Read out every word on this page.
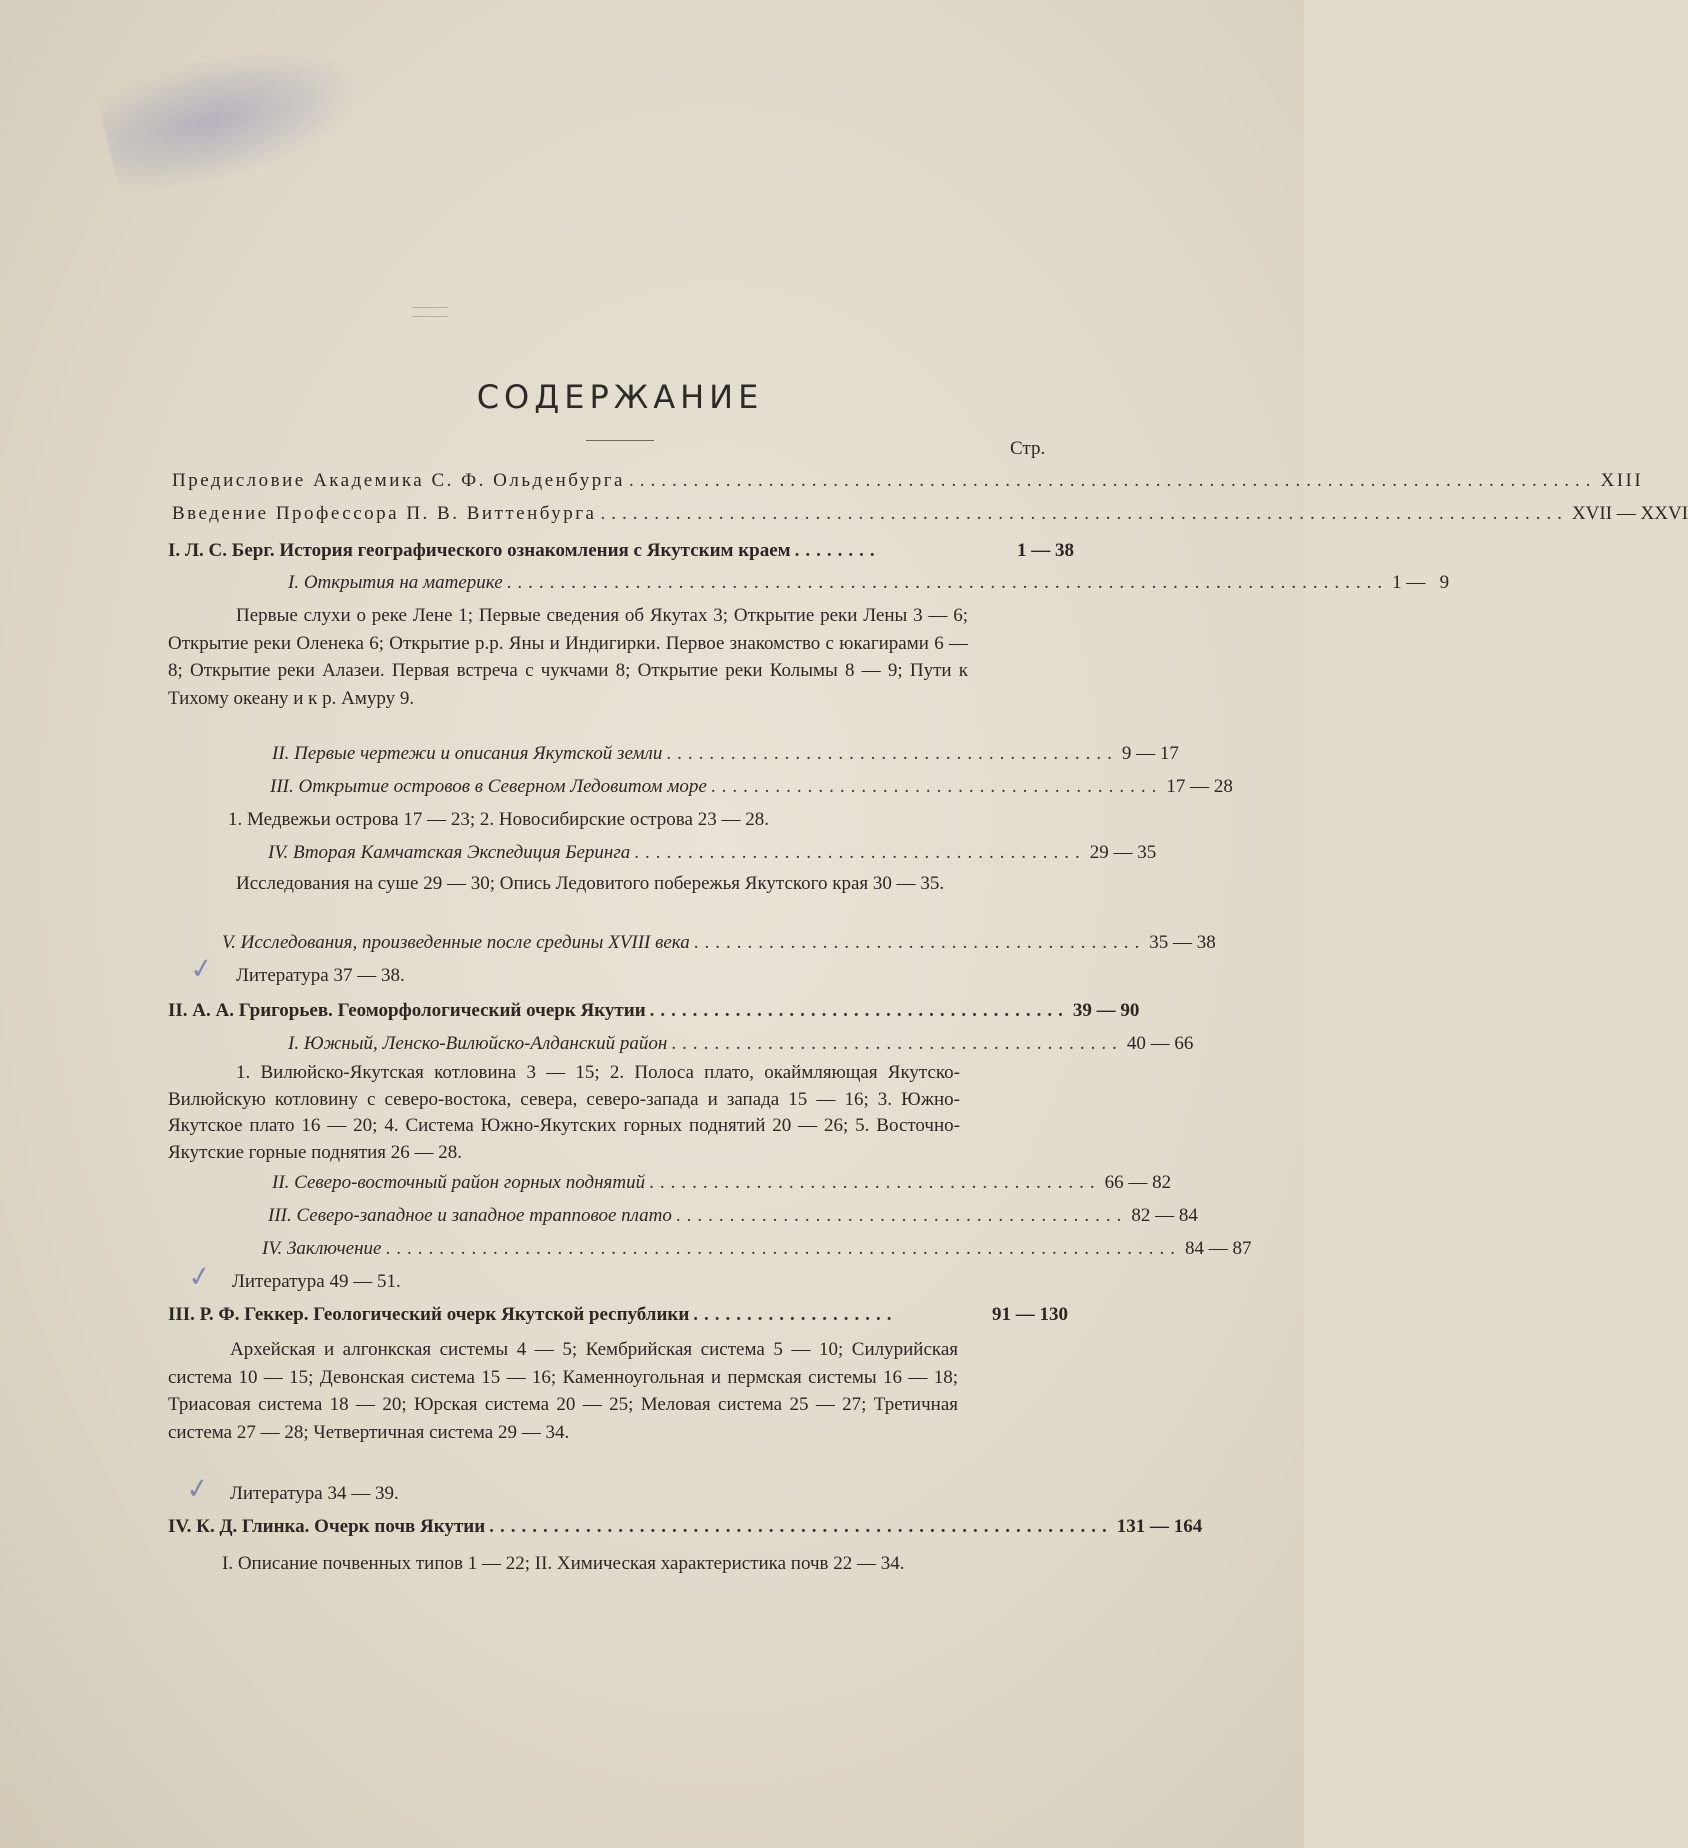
СОДЕРЖАНИЕ
Стр.
Предисловие Академика С. Ф. Ольденбурга .......................................................................................... XIII
Введение Профессора П. В. Виттенбурга .......................................................................................... XVII — XXVI
I. Л. С. Берг. История географического ознакомления с Якутским краем ........	1 — 38
I. Открытия на материке .................................................................................. 1 —   9
Первые слухи о реке Лене 1; Первые сведения об Якутах 3; Открытие реки Лены 3 — 6; Открытие реки Оленека 6; Открытие р.р. Яны и Индигирки. Первое знакомство с юкагирами 6 — 8; Открытие реки Алазеи. Первая встреча с чукчами 8; Открытие реки Колымы 8 — 9; Пути к Тихому океану и к р. Амуру 9.
II. Первые чертежи и описания Якутской земли .......................................... 9 — 17
III. Открытие островов в Северном Ледовитом море .......................................... 17 — 28
1. Медвежьи острова 17 — 23; 2. Новосибирские острова 23 — 28.
IV. Вторая Камчатская Экспедиция Беринга .......................................... 29 — 35
Исследования на суше 29 — 30; Опись Ледовитого побережья Якутского края 30 — 35.
V. Исследования, произведенные после средины XVIII века .......................................... 35 — 38
✓ Литература 37 — 38.
II. А. А. Григорьев. Геоморфологический очерк Якутии ....................................... 39 — 90
I. Южный, Ленско-Вилюйско-Алданский район .......................................... 40 — 66
1. Вилюйско-Якутская котловина 3 — 15; 2. Полоса плато, окаймляющая Якутско-Вилюйскую котловину с северо-востока, севера, северо-запада и запада 15 — 16; 3. Южно-Якутское плато 16 — 20; 4. Система Южно-Якутских горных поднятий 20 — 26; 5. Восточно-Якутские горные поднятия 26 — 28.
II. Северо-восточный район горных поднятий .......................................... 66 — 82
III. Северо-западное и западное трапповое плато .......................................... 82 — 84
IV. Заключение .......................................................................... 84 — 87
✓ Литература 49 — 51.
III. Р. Ф. Геккер. Геологический очерк Якутской республики ...................	91 — 130
Архейская и алгонкская системы 4 — 5; Кембрийская система 5 — 10; Силурийская система 10 — 15; Девонская система 15 — 16; Каменноугольная и пермская системы 16 — 18; Триасовая система 18 — 20; Юрская система 20 — 25; Меловая система 25 — 27; Третичная система 27 — 28; Четвертичная система 29 — 34.
✓ Литература 34 — 39.
IV. К. Д. Глинка. Очерк почв Якутии .......................................................... 131 — 164
I. Описание почвенных типов 1 — 22; II. Химическая характеристика почв 22 — 34.
